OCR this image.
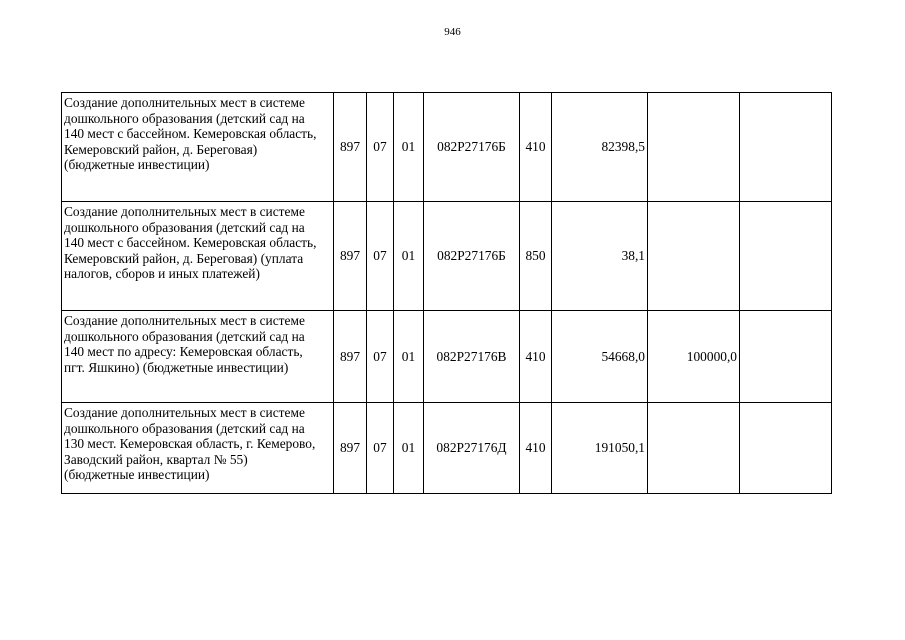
946
Создание дополнительных мест в системе
дошкольного образования (детский сад на
140 мест с бассейном. Кемеровская область,
Кемеровский район, д. Береговая)
(бюджетные инвестиции)	897	07	01	082P27176Б	410	82398,5		

Создание дополнительных мест в системе
дошкольного образования (детский сад на
140 мест с бассейном. Кемеровская область,
Кемеровский район, д. Береговая) (уплата
налогов, сборов и иных платежей)	897	07	01	082P27176Б	850	38,1		

Создание дополнительных мест в системе
дошкольного образования (детский сад на
140 мест по адресу: Кемеровская область,
пгт. Яшкино) (бюджетные инвестиции)	897	07	01	082P27176В	410	54668,0	100000,0	

Создание дополнительных мест в системе
дошкольного образования (детский сад на
130 мест. Кемеровская область, г. Кемерово,
Заводский район, квартал № 55)
(бюджетные инвестиции)	897	07	01	082P27176Д	410	191050,1		
